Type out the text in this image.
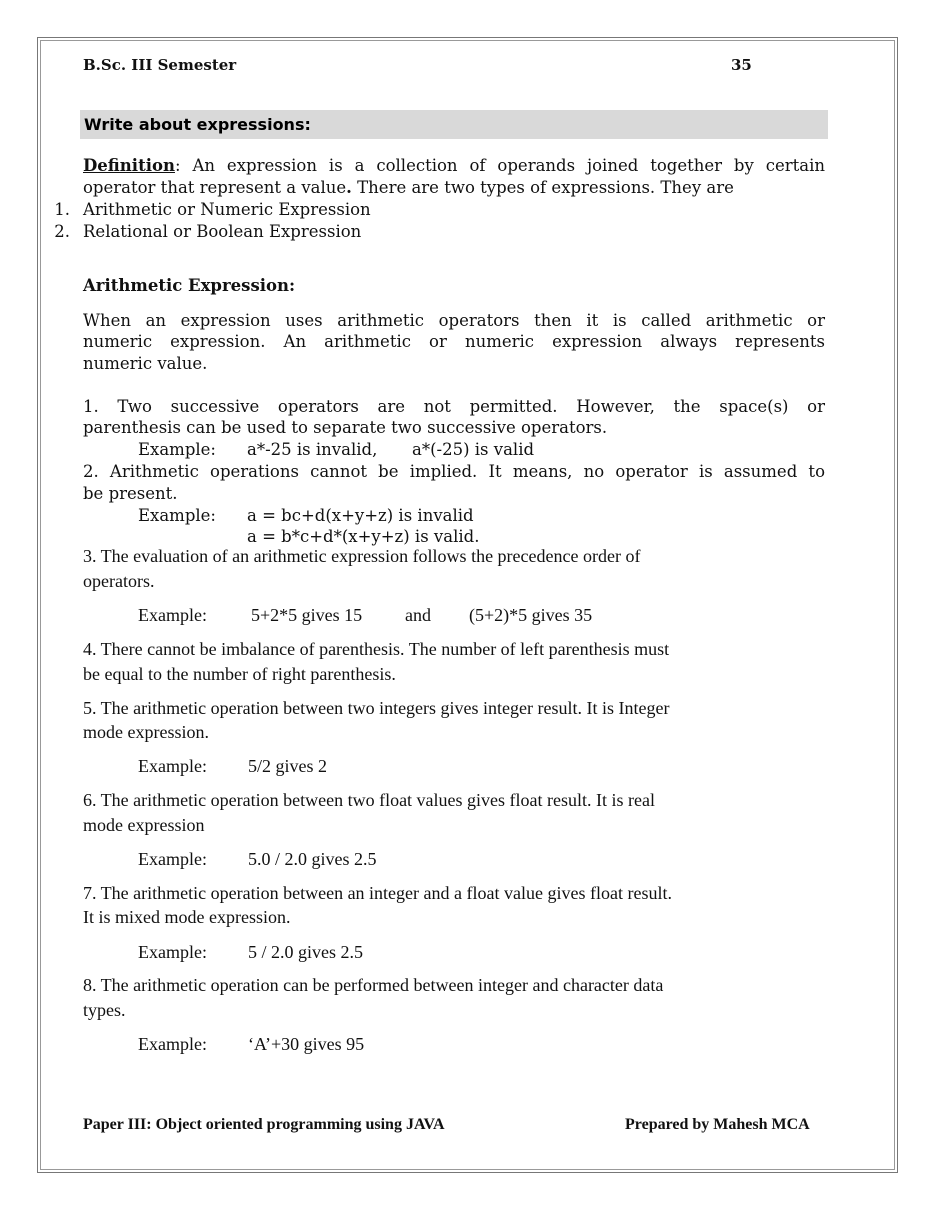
B.Sc. III Semester	35
Write about expressions:
Definition: An expression is a collection of operands joined together by certain
operator that represent a value. There are two types of expressions. They are
1. Arithmetic or Numeric Expression
2. Relational or Boolean Expression
Arithmetic Expression:
When an expression uses arithmetic operators then it is called arithmetic or
numeric expression. An arithmetic or numeric expression always represents
numeric value.
1. Two successive operators are not permitted. However, the space(s) or
parenthesis can be used to separate two successive operators.
Example: a*-25 is invalid, a*(-25) is valid
2. Arithmetic operations cannot be implied. It means, no operator is assumed to
be present.
Example: a = bc+d(x+y+z) is invalid
a = b*c+d*(x+y+z) is valid.
3. The evaluation of an arithmetic expression follows the precedence order of
operators.
Example: 5+2*5 gives 15 and (5+2)*5 gives 35
4. There cannot be imbalance of parenthesis. The number of left parenthesis must
be equal to the number of right parenthesis.
5. The arithmetic operation between two integers gives integer result. It is Integer
mode expression.
Example: 5/2 gives 2
6. The arithmetic operation between two float values gives float result. It is real
mode expression
Example: 5.0 / 2.0 gives 2.5
7. The arithmetic operation between an integer and a float value gives float result.
It is mixed mode expression.
Example: 5 / 2.0 gives 2.5
8. The arithmetic operation can be performed between integer and character data
types.
Example: ‘A’+30 gives 95
Paper III: Object oriented programming using JAVA	Prepared by Mahesh MCA
